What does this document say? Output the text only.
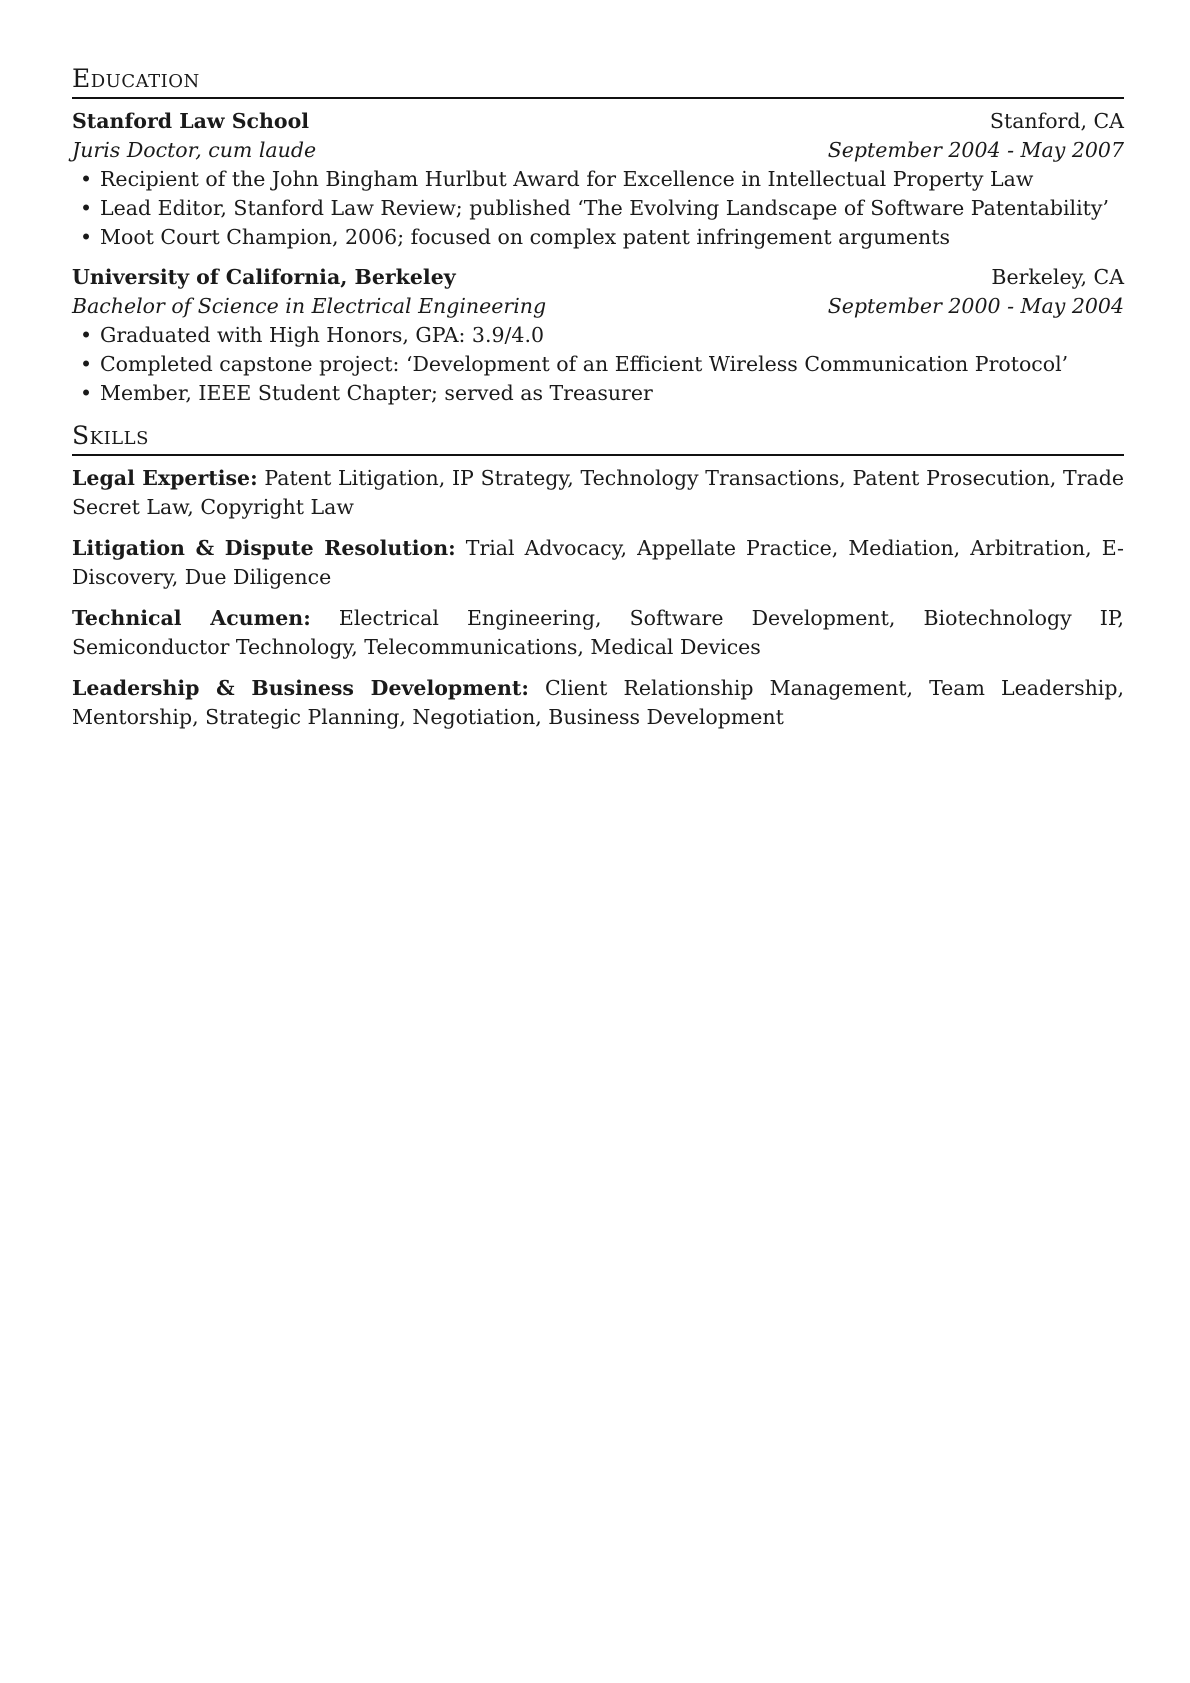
Education
Stanford Law School	Stanford, CA
Juris Doctor, cum laude	September 2004 - May 2007
• Recipient of the John Bingham Hurlbut Award for Excellence in Intellectual Property Law
• Lead Editor, Stanford Law Review; published ‘The Evolving Landscape of Software Patentability’
• Moot Court Champion, 2006; focused on complex patent infringement arguments
University of California, Berkeley	Berkeley, CA
Bachelor of Science in Electrical Engineering	September 2000 - May 2004
• Graduated with High Honors, GPA: 3.9/4.0
• Completed capstone project: ‘Development of an Efficient Wireless Communication Protocol’
• Member, IEEE Student Chapter; served as Treasurer
Skills

Legal Expertise: Patent Litigation, IP Strategy, Technology Transactions, Patent Prosecution, Trade Secret Law, Copyright Law

Litigation & Dispute Resolution: Trial Advocacy, Appellate Practice, Mediation, Arbitration, E-Discovery, Due Diligence

Technical Acumen: Electrical Engineering, Software Development, Biotechnology IP, Semiconductor Technology, Telecommunications, Medical Devices

Leadership & Business Development: Client Relationship Management, Team Leadership, Mentorship, Strategic Planning, Negotiation, Business Development
